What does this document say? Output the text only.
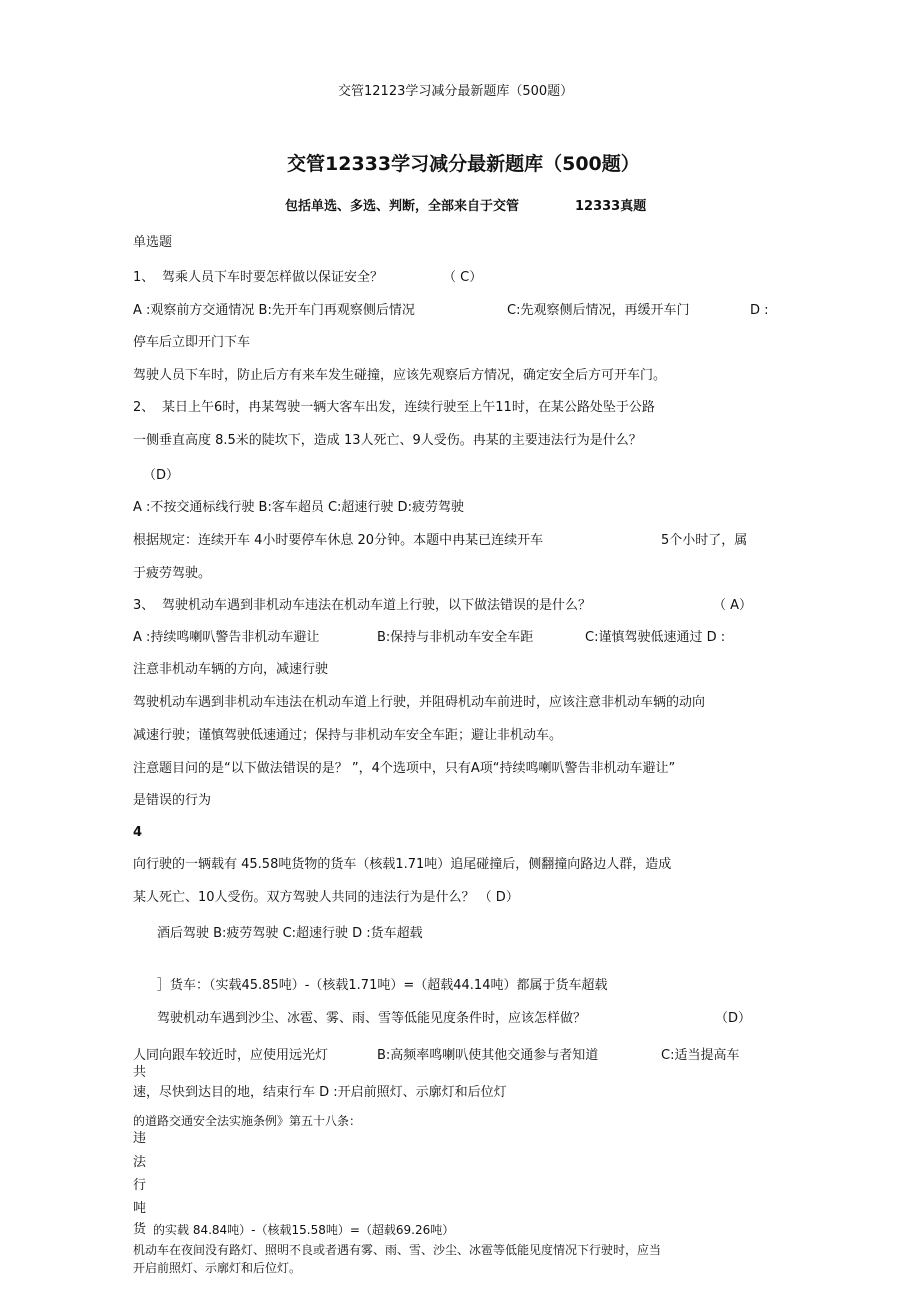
交管12123学习减分最新题库（500题）
交管12333学习减分最新题库（500题）
包括单选、多选、判断，全部来自于交管	12333真题
单选题
1、 驾乘人员下车时要怎样做以保证安全？	（ C）
A :观察前方交通情况 B:先开车门再观察侧后情况	C:先观察侧后情况，再缓开车门	D :
停车后立即开门下车
驾驶人员下车时，防止后方有来车发生碰撞，应该先观察后方情况，确定安全后方可开车门。
2、 某日上午6时，冉某驾驶一辆大客车出发，连续行驶至上午11时，在某公路处坠于公路
一侧垂直高度 8.5米的陡坎下，造成 13人死亡、9人受伤。冉某的主要违法行为是什么？
（D）
A :不按交通标线行驶 B:客车超员 C:超速行驶 D:疲劳驾驶
根据规定：连续开车 4小时要停车休息 20分钟。本题中冉某已连续开车	5个小时了，属
于疲劳驾驶。
3、 驾驶机动车遇到非机动车违法在机动车道上行驶，以下做法错误的是什么？	（ A）
A :持续鸣喇叭警告非机动车避让	B:保持与非机动车安全车距	C:谨慎驾驶低速通过 D :
注意非机动车辆的方向，减速行驶
驾驶机动车遇到非机动车违法在机动车道上行驶，并阻碍机动车前进时，应该注意非机动车辆的动向
减速行驶；谨慎驾驶低速通过；保持与非机动车安全车距；避让非机动车。
注意题目问的是“以下做法错误的是？ ”，4个选项中，只有A项“持续鸣喇叭警告非机动车避让”
是错误的行为
4
向行驶的一辆载有 45.58吨货物的货车（核载1.71吨）追尾碰撞后，侧翻撞向路边人群，造成
某人死亡、10人受伤。双方驾驶人共同的违法行为是什么？ （ D）
酒后驾驶 B:疲劳驾驶 C:超速行驶 D :货车超载
］货车：（实载45.85吨）-（核载1.71吨）=（超载44.14吨）都属于货车超载
驾驶机动车遇到沙尘、冰雹、雾、雨、雪等低能见度条件时，应该怎样做？	（D）
人同向跟车较近时，应使用远光灯	B:高频率鸣喇叭使其他交通参与者知道	C:适当提高车
共
速，尽快到达目的地，结束行车 D :开启前照灯、示廓灯和后位灯
的道路交通安全法实施条例》第五十八条：
违
法
行
吨
货 的实载 84.84吨）-（核载15.58吨）=（超载69.26吨）
机动车在夜间没有路灯、照明不良或者遇有雾、雨、雪、沙尘、冰雹等低能见度情况下行驶时，应当
开启前照灯、示廓灯和后位灯。
